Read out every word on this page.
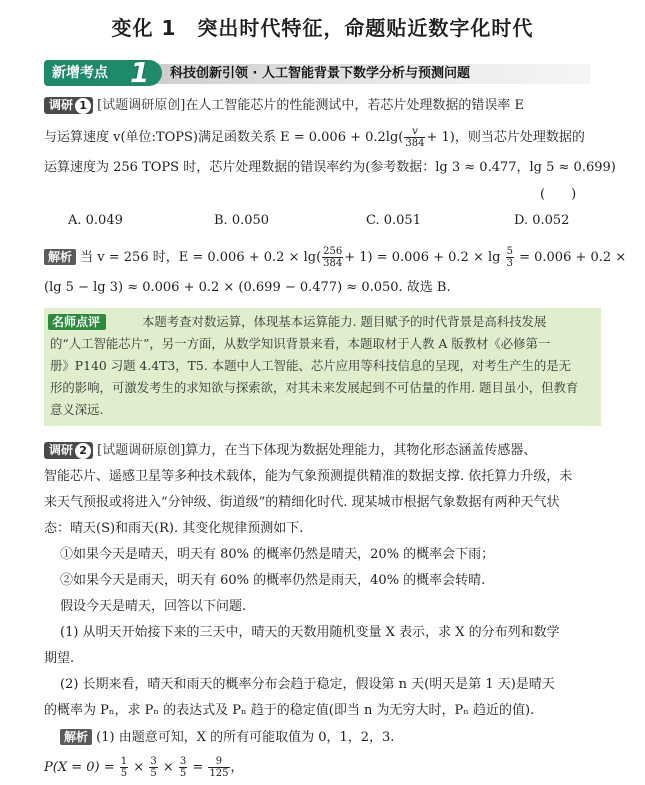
变化 1　突出时代特征，命题贴近数字化时代
新增考点 1 科技创新引领 · 人工智能背景下数学分析与预测问题
调研 1 [试题调研原创]在人工智能芯片的性能测试中，若芯片处理数据的错误率 E
与运算速度 v(单位:TOPS)满足函数关系 $E = 0.006 + 0.2\lg( \frac{v}{384} + 1)$，则当芯片处理数据的
运算速度为 256 TOPS 时，芯片处理数据的错误率约为(参考数据：lg 3 ≈ 0.477，lg 5 ≈ 0.699)
(　　)
A. 0.049	B. 0.050	C. 0.051	D. 0.052
解析 当 v = 256 时，$E = 0.006 + 0.2 \times \lg( \frac{256}{384} + 1) = 0.006 + 0.2 \times \lg \frac{5}{3} = 0.006 + 0.2$ ×
(lg 5 − lg 3) ≈ 0.006 + 0.2 × (0.699 − 0.477) ≈ 0.050. 故选 B.
名师点评	本题考查对数运算，体现基本运算能力. 题目赋予的时代背景是高科技发展
的“人工智能芯片”，另一方面，从数学知识背景来看，本题取材于人教 A 版教材《必修第一
册》P140 习题 4.4T3，T5. 本题中人工智能、芯片应用等科技信息的呈现，对考生产生的是无
形的影响，可激发考生的求知欲与探索欲，对其未来发展起到不可估量的作用. 题目虽小，但教育
意义深远.
调研 2 [试题调研原创]算力，在当下体现为数据处理能力，其物化形态涵盖传感器、
智能芯片、遥感卫星等多种技术载体，能为气象预测提供精准的数据支撑. 依托算力升级，未
来天气预报或将进入“分钟级、街道级”的精细化时代. 现某城市根据气象数据有两种天气状
态：晴天(S)和雨天(R). 其变化规律预测如下.
①如果今天是晴天，明天有 80% 的概率仍然是晴天，20% 的概率会下雨；
②如果今天是雨天，明天有 60% 的概率仍然是雨天，40% 的概率会转晴.
假设今天是晴天，回答以下问题.
(1) 从明天开始接下来的三天中，晴天的天数用随机变量 X 表示，求 X 的分布列和数学
期望.
(2) 长期来看，晴天和雨天的概率分布会趋于稳定，假设第 n 天(明天是第 1 天)是晴天
的概率为 Pₙ，求 Pₙ 的表达式及 Pₙ 趋于的稳定值(即当 n 为无穷大时，Pₙ 趋近的值).
解析 (1) 由题意可知，X 的所有可能取值为 0，1，2，3.
$P(X = 0) = \frac{1}{5} \times \frac{3}{5} \times \frac{3}{5} = \frac{9}{125}$ ，
